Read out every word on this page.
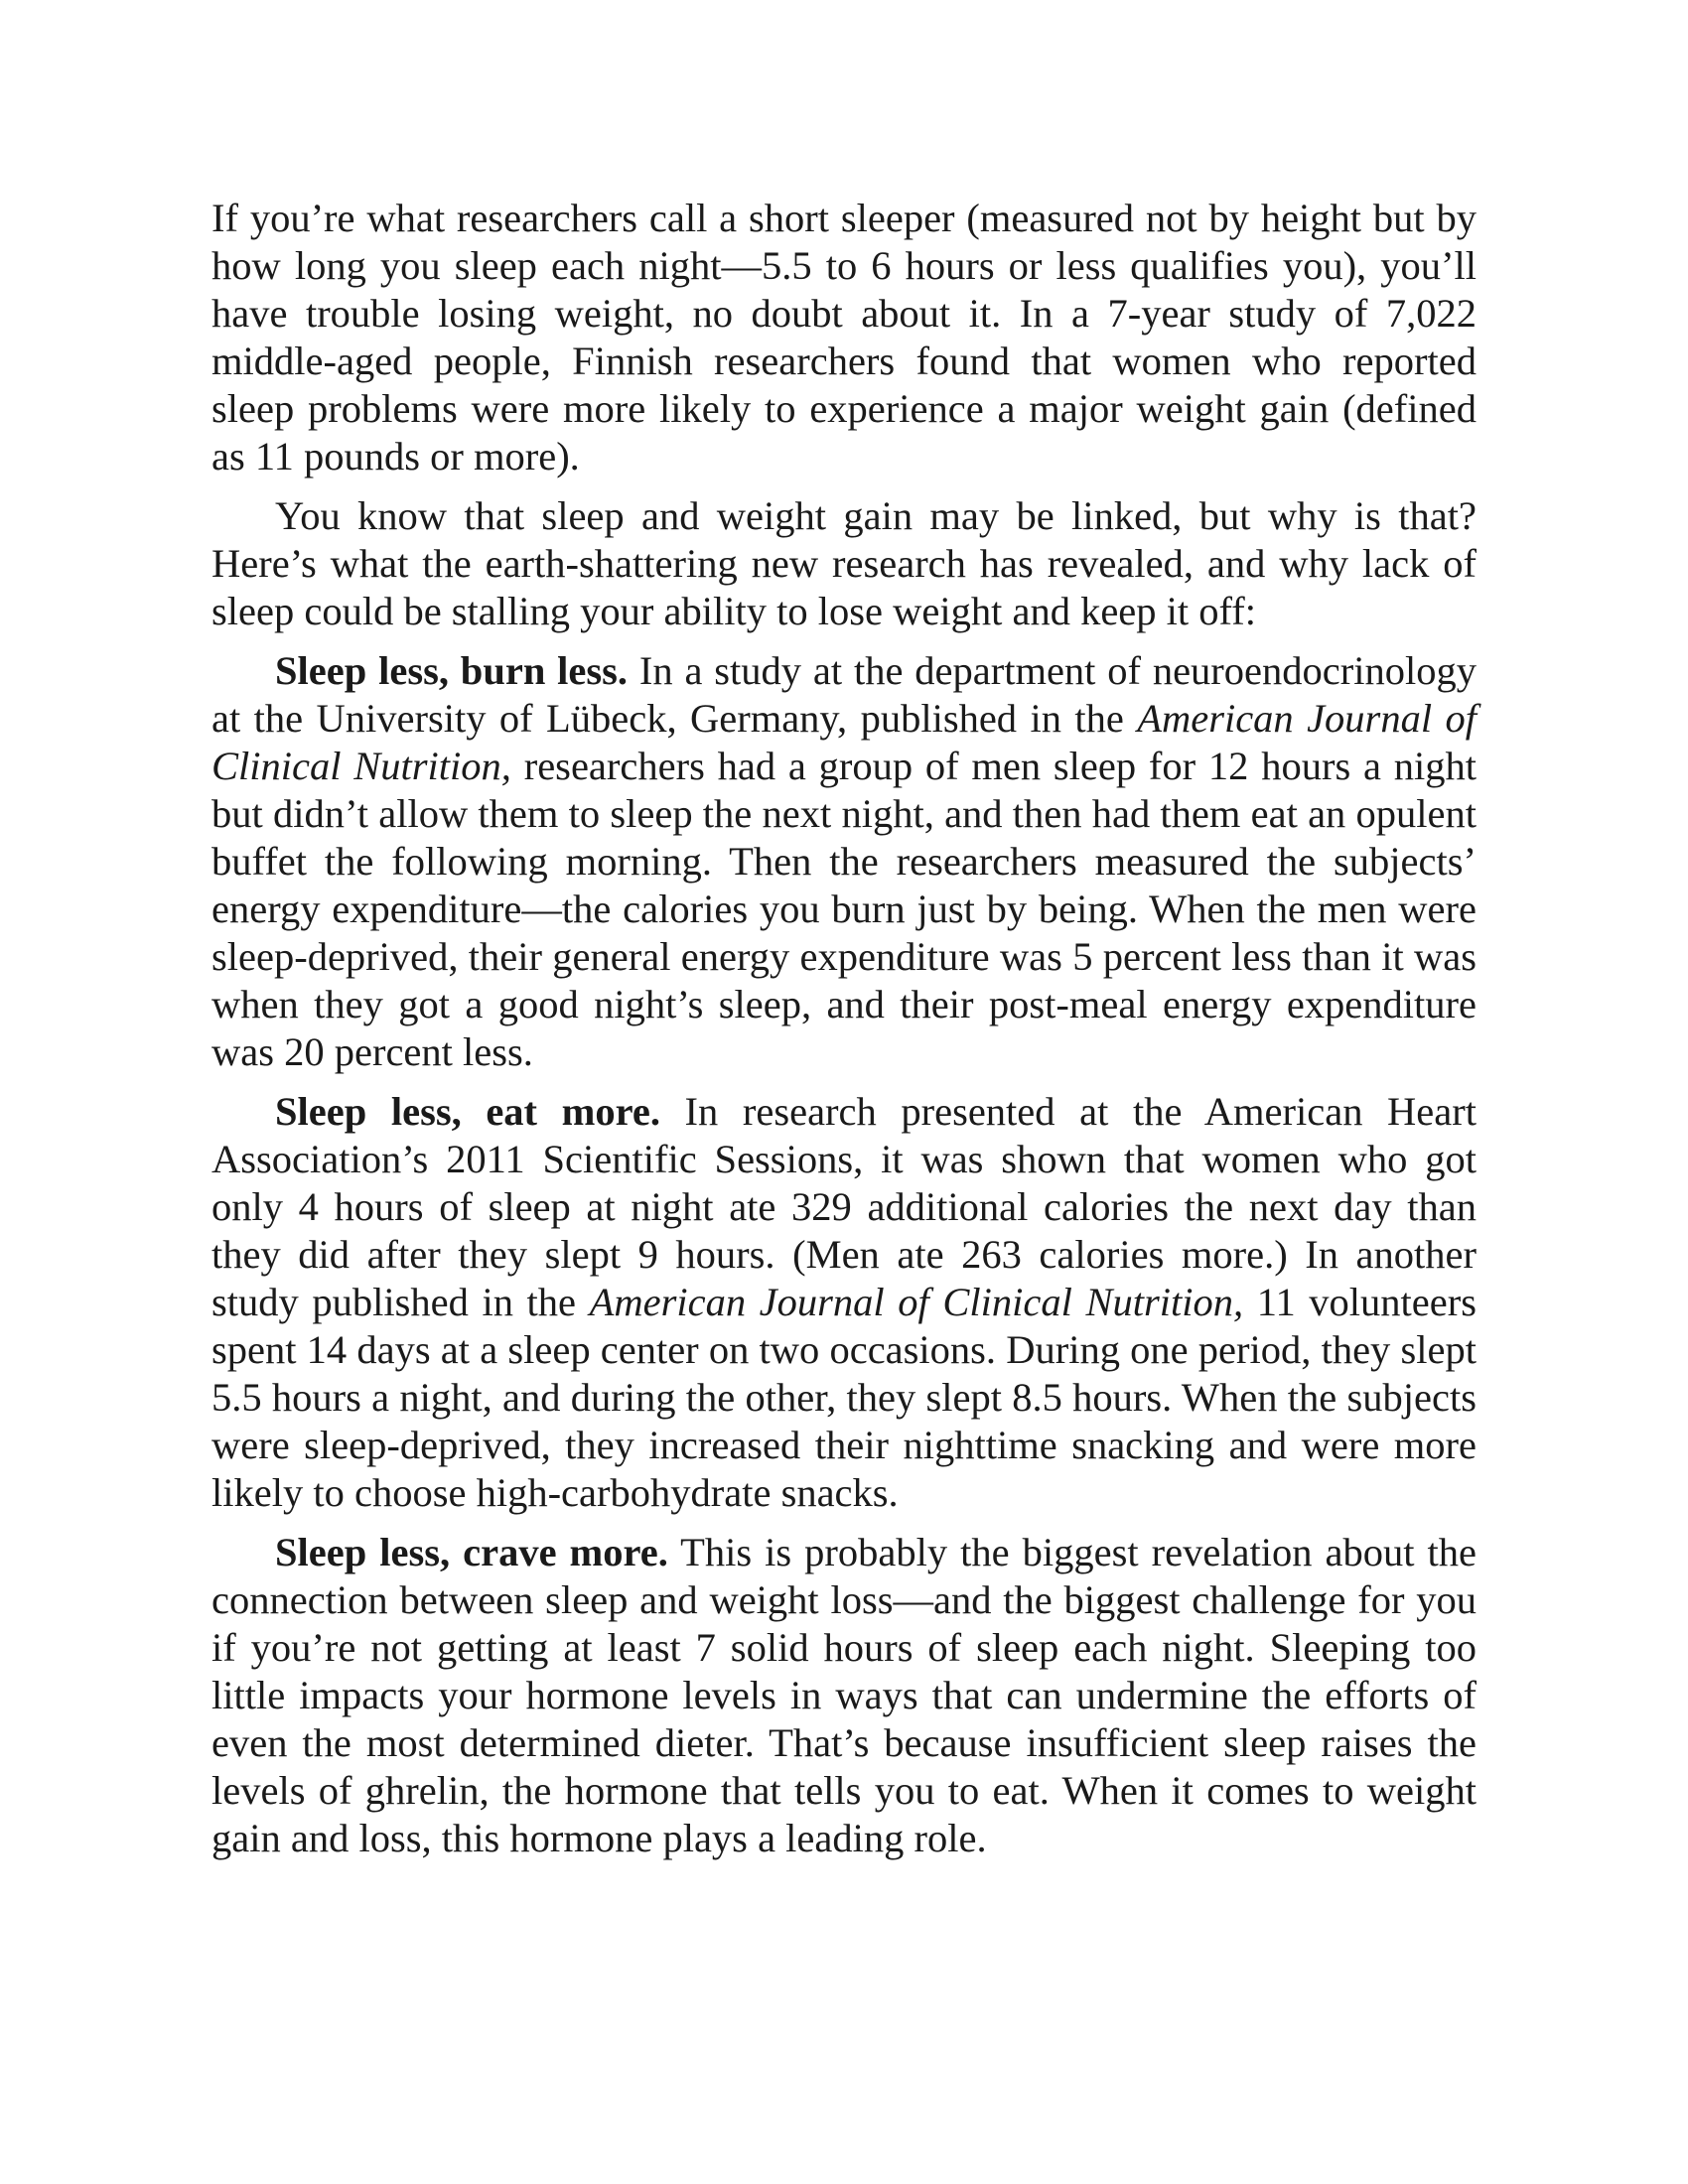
If you’re what researchers call a short sleeper (measured not by height but by how long you sleep each night—5.5 to 6 hours or less qualifies you), you’ll have trouble losing weight, no doubt about it. In a 7-year study of 7,022 middle-aged people, Finnish researchers found that women who reported sleep problems were more likely to experience a major weight gain (defined as 11 pounds or more).

You know that sleep and weight gain may be linked, but why is that? Here’s what the earth-shattering new research has revealed, and why lack of sleep could be stalling your ability to lose weight and keep it off:

Sleep less, burn less. In a study at the department of neuroendocrinology at the University of Lübeck, Germany, published in the American Journal of Clinical Nutrition, researchers had a group of men sleep for 12 hours a night but didn’t allow them to sleep the next night, and then had them eat an opulent buffet the following morning. Then the researchers measured the subjects’ energy expenditure—the calories you burn just by being. When the men were sleep-deprived, their general energy expenditure was 5 percent less than it was when they got a good night’s sleep, and their post-meal energy expenditure was 20 percent less.

Sleep less, eat more. In research presented at the American Heart Association’s 2011 Scientific Sessions, it was shown that women who got only 4 hours of sleep at night ate 329 additional calories the next day than they did after they slept 9 hours. (Men ate 263 calories more.) In another study published in the American Journal of Clinical Nutrition, 11 volunteers spent 14 days at a sleep center on two occasions. During one period, they slept 5.5 hours a night, and during the other, they slept 8.5 hours. When the subjects were sleep-deprived, they increased their nighttime snacking and were more likely to choose high-carbohydrate snacks.

Sleep less, crave more. This is probably the biggest revelation about the connection between sleep and weight loss—and the biggest challenge for you if you’re not getting at least 7 solid hours of sleep each night. Sleeping too little impacts your hormone levels in ways that can undermine the efforts of even the most determined dieter. That’s because insufficient sleep raises the levels of ghrelin, the hormone that tells you to eat. When it comes to weight gain and loss, this hormone plays a leading role.
